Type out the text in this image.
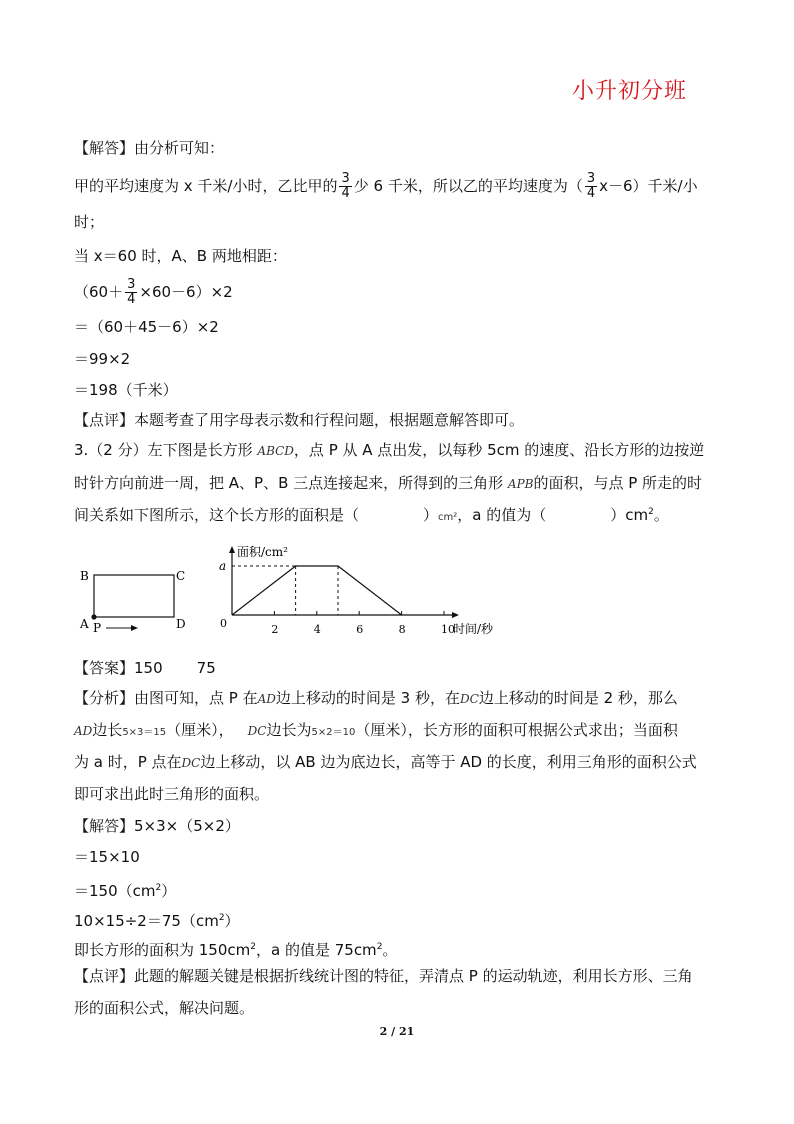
小升初分班
【解答】由分析可知：
甲的平均速度为 x 千米/小时，乙比甲的 $\frac{3}{4}$ 少 6 千米，所以乙的平均速度为（ $\frac{3}{4} x-6$）千米/小
时；
当 x＝60 时，A、B 两地相距：
$(60+ \frac{3}{4} \times 60-6)\times 2$
＝（60＋45－6）×2
＝99×2
＝198（千米）
【点评】本题考查了用字母表示数和行程问题，根据题意解答即可。
3.（2 分）左下图是长方形 ABCD，点 P 从 A 点出发，以每秒 5cm 的速度、沿长方形的边按逆
时针方向前进一周，把 A、P、B 三点连接起来，所得到的三角形 APB的面积，与点 P 所走的时
间关系如下图所示，这个长方形的面积是（	）cm²，a 的值为（	）$cm^2$。
B	C
A P	D
面积/cm²
时间/秒
0
a
2	4	6	8	10
【答案】150 75
【分析】由图可知，点 P 在AD边上移动的时间是 3 秒，在DC边上移动的时间是 2 秒，那么
AD边长5×3＝15（厘米）， DC边长为5×2＝10（厘米），长方形的面积可根据公式求出；当面积
为 a 时，P 点在DC边上移动，以 AB 边为底边长，高等于 AD 的长度，利用三角形的面积公式
即可求出此时三角形的面积。
【解答】5×3×（5×2）
＝15×10
$=150(cm^2)$
$10\times 15\div 2=75(cm^2)$
即长方形的面积为 $150cm^2$，a 的值是 $75cm^2$。
【点评】此题的解题关键是根据折线统计图的特征，弄清点 P 的运动轨迹，利用长方形、三角
形的面积公式，解决问题。
2 / 21
